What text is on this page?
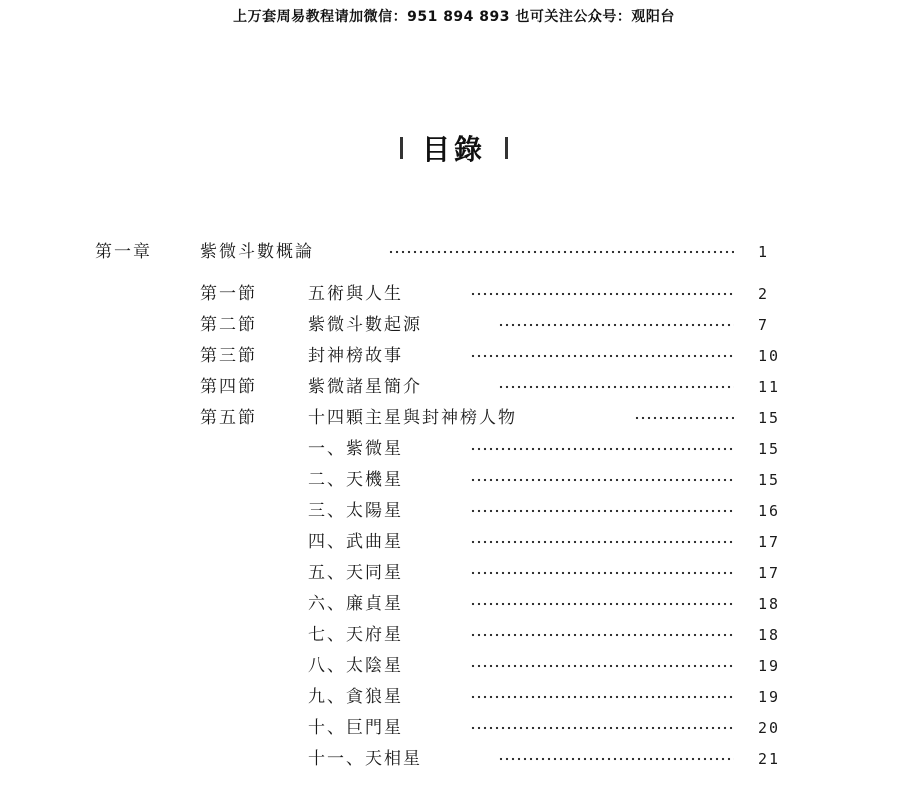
上万套周易教程请加微信：951 894 893 也可关注公众号：观阳台
目錄
第一章	紫微斗數概論	1
第一節	五術與人生	2
第二節	紫微斗數起源	7
第三節	封神榜故事	10
第四節	紫微諸星簡介	11
第五節	十四顆主星與封神榜人物	15
一、紫微星	15
二、天機星	15
三、太陽星	16
四、武曲星	17
五、天同星	17
六、廉貞星	18
七、天府星	18
八、太陰星	19
九、貪狼星	19
十、巨門星	20
十一、天相星	21
